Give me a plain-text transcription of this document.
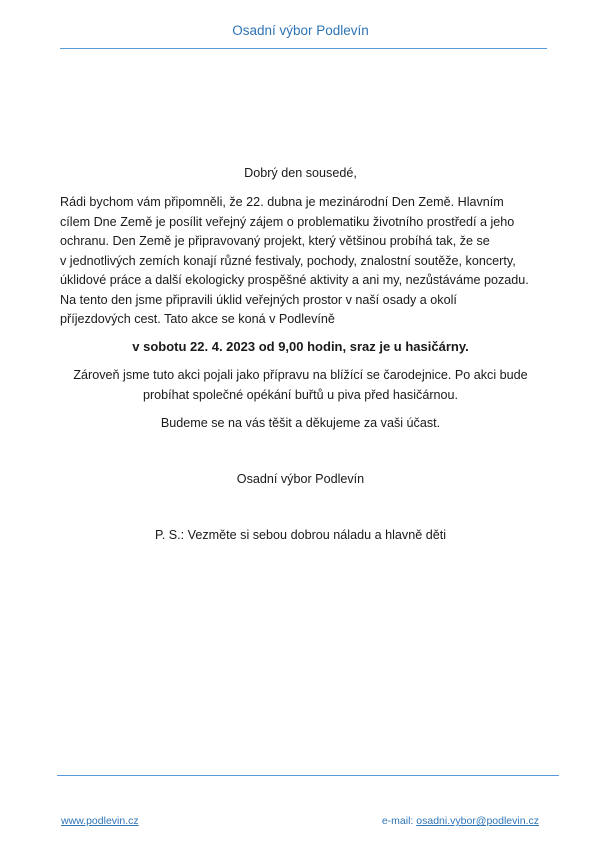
Osadní výbor Podlevín
Dobrý den sousedé,
Rádi bychom vám připomněli, že 22. dubna je mezinárodní Den Země. Hlavním
cílem Dne Země je posílit veřejný zájem o problematiku životního prostředí a jeho
ochranu. Den Země je připravovaný projekt, který většinou probíhá tak, že se
v jednotlivých zemích konají různé festivaly, pochody, znalostní soutěže, koncerty,
úklidové práce a další ekologicky prospěšné aktivity a ani my, nezůstáváme pozadu.
Na tento den jsme připravili úklid veřejných prostor v naší osady a okolí
příjezdových cest. Tato akce se koná v Podlevíně
v sobotu 22. 4. 2023 od 9,00 hodin, sraz je u hasičárny.
Zároveň jsme tuto akci pojali jako přípravu na blížící se čarodejnice. Po akci bude
probíhat společné opékání buřtů u piva před hasičárnou.
Budeme se na vás těšit a děkujeme za vaši účast.
Osadní výbor Podlevín
P. S.: Vezměte si sebou dobrou náladu a hlavně děti
www.podlevin.cz	e-mail: osadni.vybor@podlevin.cz
